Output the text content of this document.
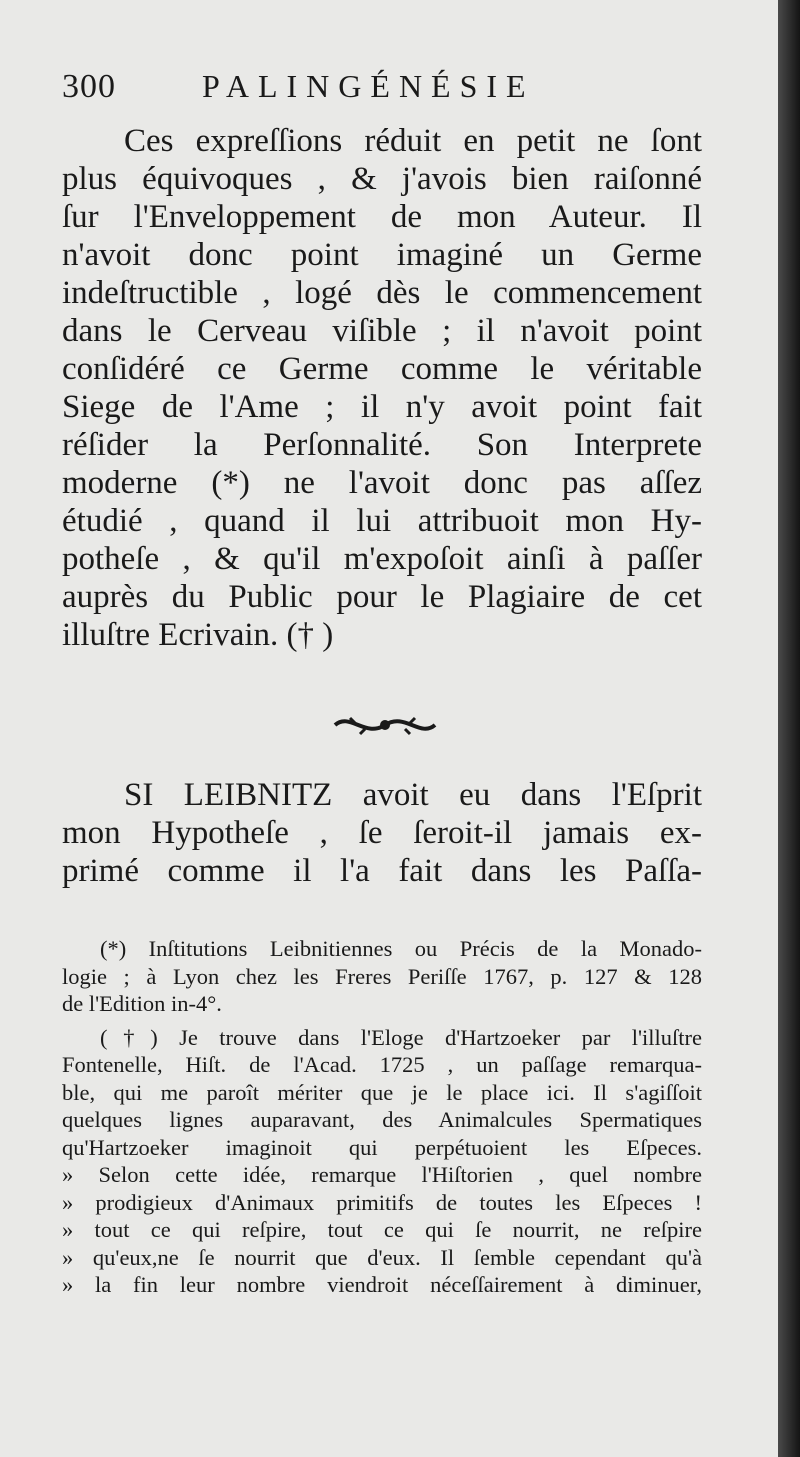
300	PALINGÉNÉSIE
Ces expreſſions réduit en petit ne ſont
plus équivoques , & j'avois bien raiſonné
ſur l'Enveloppement de mon Auteur. Il
n'avoit donc point imaginé un Germe
indeſtructible , logé dès le commencement
dans le Cerveau viſible ; il n'avoit point
conſidéré ce Germe comme le véritable
Siege de l'Ame ; il n'y avoit point fait
réſider la Perſonnalité. Son Interprete
moderne (*) ne l'avoit donc pas aſſez
étudié , quand il lui attribuoit mon Hy-
potheſe , & qu'il m'expoſoit ainſi à paſſer
auprès du Public pour le Plagiaire de cet
illuſtre Ecrivain. († )
SI LEIBNITZ avoit eu dans l'Eſprit
mon Hypotheſe , ſe ſeroit-il jamais ex-
primé comme il l'a fait dans les Paſſa-
(*) Inſtitutions Leibnitiennes ou Précis de la Monado-
logie ; à Lyon chez les Freres Periſſe 1767, p. 127 & 128
de l'Edition in-4°.
(†) Je trouve dans l'Eloge d'Hartzoeker par l'illuſtre
Fontenelle, Hiſt. de l'Acad. 1725 , un paſſage remarqua-
ble, qui me paroît mériter que je le place ici. Il s'agiſſoit
quelques lignes auparavant, des Animalcules Spermatiques
qu'Hartzoeker imaginoit qui perpétuoient les Eſpeces.
» Selon cette idée, remarque l'Hiſtorien , quel nombre
» prodigieux d'Animaux primitifs de toutes les Eſpeces !
» tout ce qui reſpire, tout ce qui ſe nourrit, ne reſpire
» qu'eux,ne ſe nourrit que d'eux. Il ſemble cependant qu'à
» la fin leur nombre viendroit néceſſairement à diminuer,
